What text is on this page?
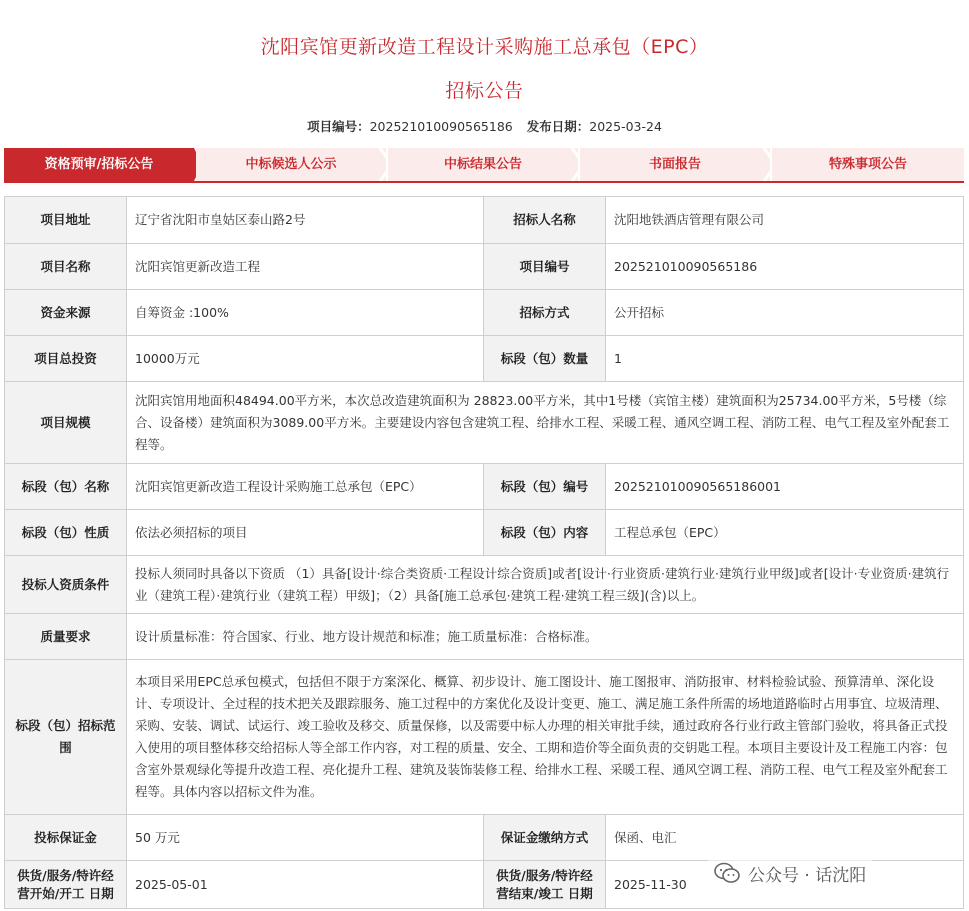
沈阳宾馆更新改造工程设计采购施工总承包（EPC）
招标公告
项目编号：202521010090565186 发布日期：2025-03-24
资格预审/招标公告	中标候选人公示	中标结果公告	书面报告	特殊事项公告
项目地址	辽宁省沈阳市皇姑区泰山路2号	招标人名称	沈阳地铁酒店管理有限公司
项目名称	沈阳宾馆更新改造工程	项目编号	202521010090565186
资金来源	自筹资金 :100%	招标方式	公开招标
项目总投资	10000万元	标段（包）数量	1
项目规模	沈阳宾馆用地面积48494.00平方米，本次总改造建筑面积为 28823.00平方米，其中1号楼（宾馆主楼）建筑面积为25734.00平方米，5号楼（综合、设备楼）建筑面积为3089.00平方米。主要建设内容包含建筑工程、给排水工程、采暖工程、通风空调工程、消防工程、电气工程及室外配套工程等。		
标段（包）名称	沈阳宾馆更新改造工程设计采购施工总承包（EPC）	标段（包）编号	202521010090565186001
标段（包）性质	依法必须招标的项目	标段（包）内容	工程总承包（EPC）
投标人资质条件	投标人须同时具备以下资质 （1）具备[设计·综合类资质·工程设计综合资质]或者[设计·行业资质·建筑行业·建筑行业甲级]或者[设计·专业资质·建筑行业（建筑工程）·建筑行业（建筑工程）甲级]；（2）具备[施工总承包·建筑工程·建筑工程三级](含)以上。		
质量要求	设计质量标准：符合国家、行业、地方设计规范和标准；施工质量标准：合格标准。		
标段（包）招标范围	本项目采用EPC总承包模式，包括但不限于方案深化、概算、初步设计、施工图设计、施工图报审、消防报审、材料检验试验、预算清单、深化设计、专项设计、全过程的技术把关及跟踪服务、施工过程中的方案优化及设计变更、施工、满足施工条件所需的场地道路临时占用事宜、垃圾清理、采购、安装、调试、试运行、竣工验收及移交、质量保修，以及需要中标人办理的相关审批手续，通过政府各行业行政主管部门验收，将具备正式投入使用的项目整体移交给招标人等全部工作内容，对工程的质量、安全、工期和造价等全面负责的交钥匙工程。本项目主要设计及工程施工内容：包含室外景观绿化等提升改造工程、亮化提升工程、建筑及装饰装修工程、给排水工程、采暖工程、通风空调工程、消防工程、电气工程及室外配套工程等。具体内容以招标文件为准。		
投标保证金	50 万元	保证金缴纳方式	保函、电汇
供货/服务/特许经营开始/开工 日期	2025-05-01	供货/服务/特许经营结束/竣工 日期	2025-11-30	公众号 · 话沈阳
